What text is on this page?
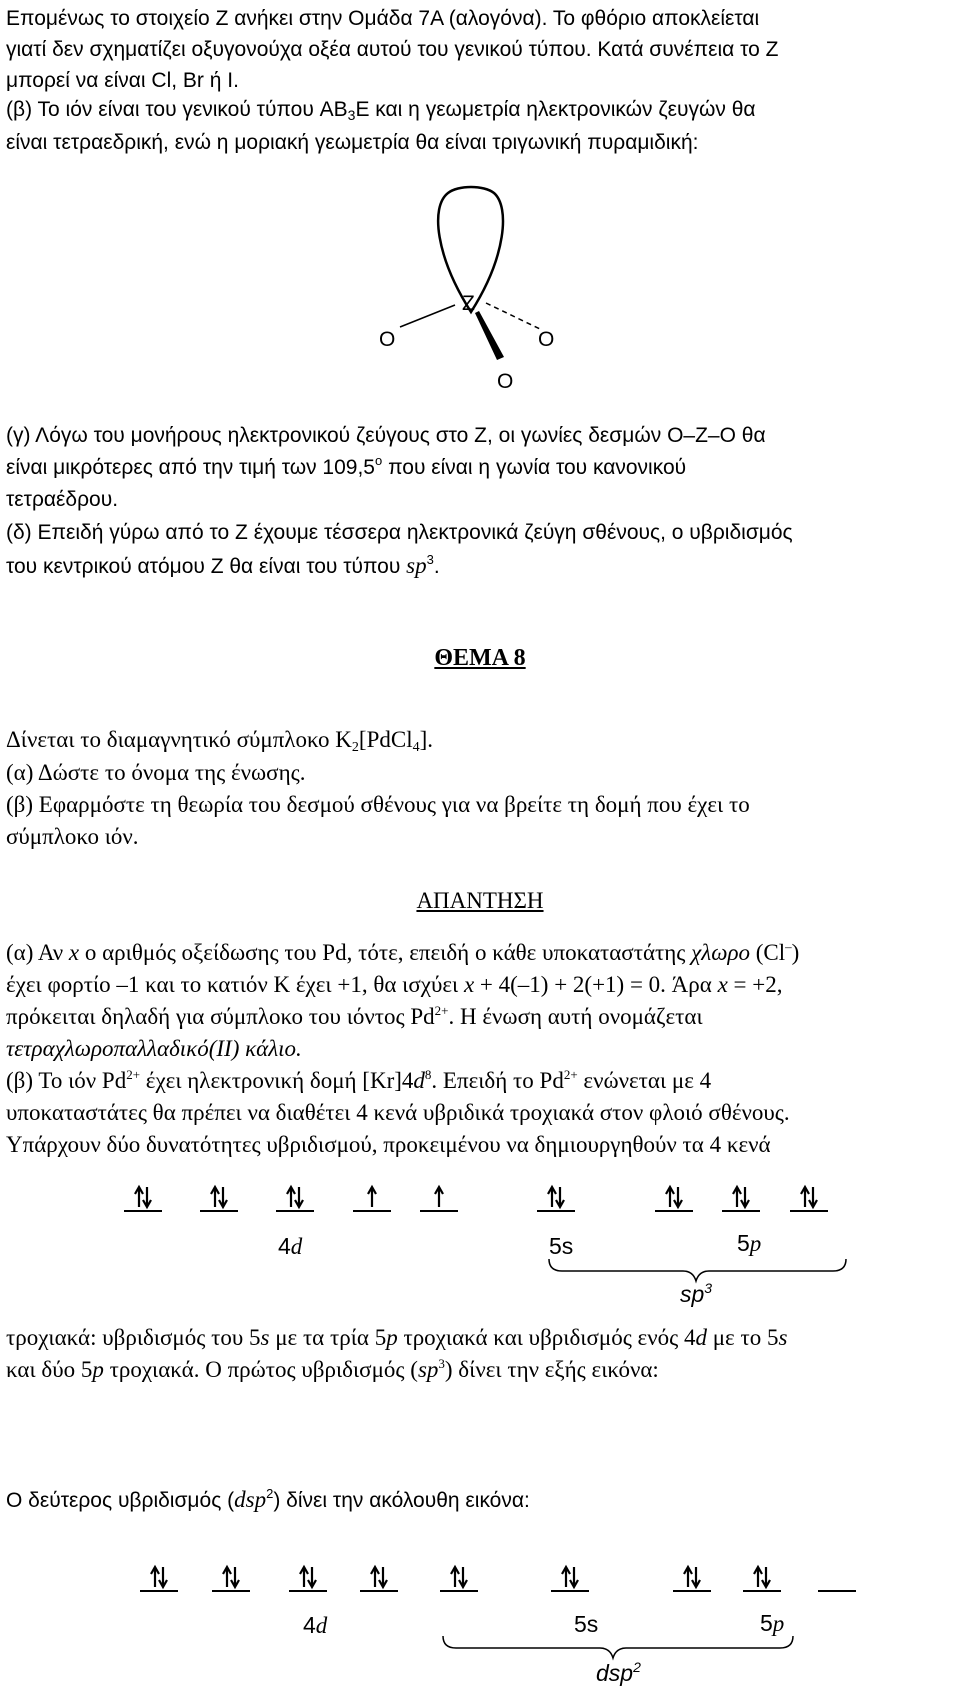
Επομένως το στοιχείο Ζ ανήκει στην Ομάδα 7Α (αλογόνα). Το φθόριο αποκλείεται
γιατί δεν σχηματίζει οξυγονούχα οξέα αυτού του γενικού τύπου. Κατά συνέπεια το Ζ
μπορεί να είναι Cl, Br ή I.
(β) Το ιόν είναι του γενικού τύπου $AB_3E$ και η γεωμετρία ηλεκτρονικών ζευγών θα
είναι τετραεδρική, ενώ η μοριακή γεωμετρία θα είναι τριγωνική πυραμιδική:
Z
O	O
O
(γ) Λόγω του μονήρους ηλεκτρονικού ζεύγους στο Ζ, οι γωνίες δεσμών O–Z–O θα
είναι μικρότερες από την τιμή των $109,5^o$ που είναι η γωνία του κανονικού
τετραέδρου.
(δ) Επειδή γύρω από το Ζ έχουμε τέσσερα ηλεκτρονικά ζεύγη σθένους, ο υβριδισμός
του κεντρικού ατόμου Ζ θα είναι του τύπου $sp^3$.
ΘΕΜΑ 8
Δίνεται το διαμαγνητικό σύμπλοκο $K_2[PdCl_4]$.
(α) Δώστε το όνομα της ένωσης.
(β) Εφαρμόστε τη θεωρία του δεσμού σθένους για να βρείτε τη δομή που έχει το
σύμπλοκο ιόν.
ΑΠΑΝΤΗΣΗ
(α) Αν x ο αριθμός οξείδωσης του Pd, τότε, επειδή ο κάθε υποκαταστάτης χλωρο (Cl–)
έχει φορτίο –1 και το κατιόν K έχει +1, θα ισχύει x + 4(–1) + 2(+1) = 0. Άρα x = +2,
πρόκειται δηλαδή για σύμπλοκο του ιόντος $Pd^{2+}$. Η ένωση αυτή ονομάζεται
τετραχλωροπαλλαδικό(ΙΙ) κάλιο.
(β) Το ιόν $Pd^{2+}$ έχει ηλεκτρονική δομή $[Kr]4d^8$. Επειδή το $Pd^{2+}$ ενώνεται με 4
υποκαταστάτες θα πρέπει να διαθέτει 4 κενά υβριδικά τροχιακά στον φλοιό σθένους.
Υπάρχουν δύο δυνατότητες υβριδισμού, προκειμένου να δημιουργηθούν τα 4 κενά
4d	5s	5p
$sp^3$
τροχιακά: υβριδισμός του 5s με τα τρία 5p τροχιακά και υβριδισμός ενός 4d με το 5s
και δύο 5p τροχιακά. Ο πρώτος υβριδισμός $(sp^3)$ δίνει την εξής εικόνα:
Ο δεύτερος υβριδισμός (dsp$^2$) δίνει την ακόλουθη εικόνα:
4d	5s	5p
dsp$^2$
